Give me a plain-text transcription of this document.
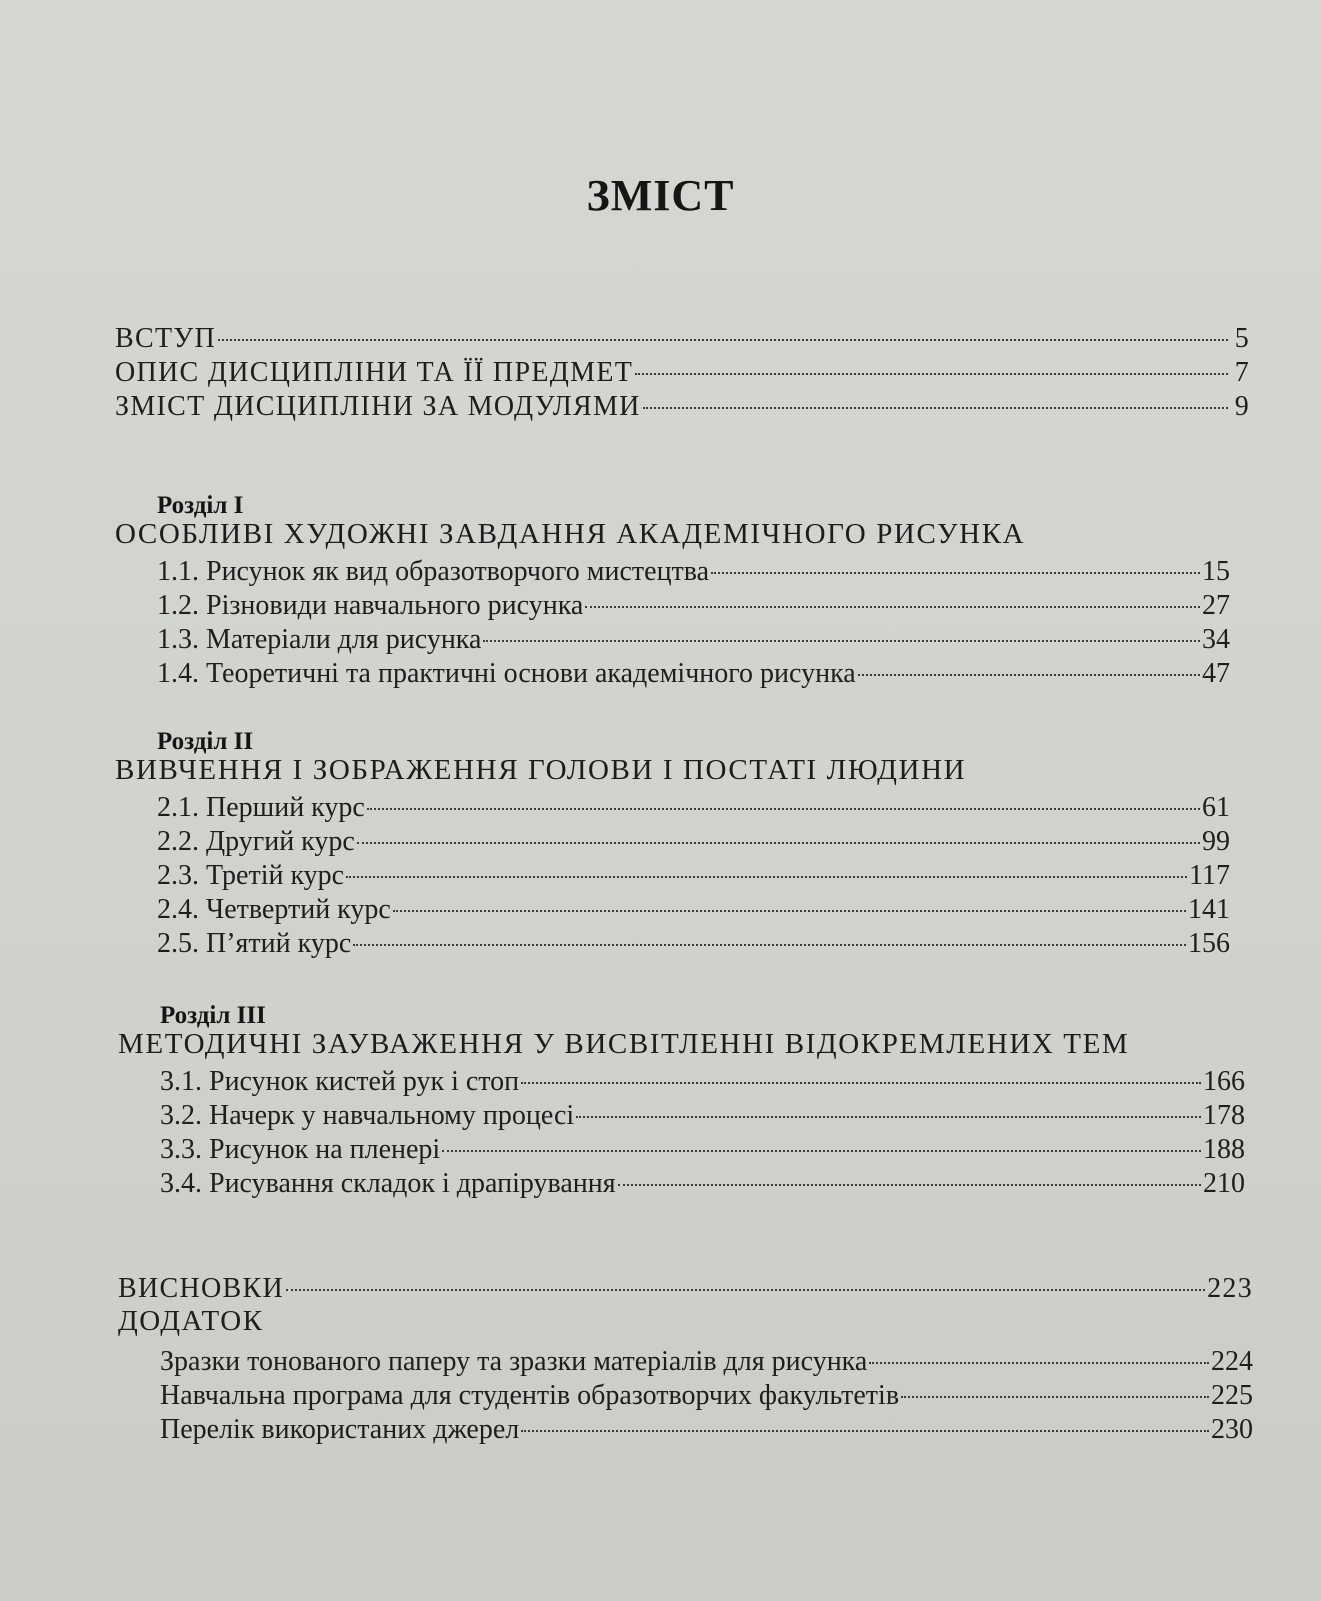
ЗМІСТ
ВСТУП	5
ОПИС ДИСЦИПЛІНИ ТА ЇЇ ПРЕДМЕТ	7
ЗМІСТ ДИСЦИПЛІНИ ЗА МОДУЛЯМИ	9
Розділ І
ОСОБЛИВІ ХУДОЖНІ ЗАВДАННЯ АКАДЕМІЧНОГО РИСУНКА
1.1. Рисунок як вид образотворчого мистецтва	15
1.2. Різновиди навчального рисунка	27
1.3. Матеріали для рисунка	34
1.4. Теоретичні та практичні основи академічного рисунка	47
Розділ ІІ
ВИВЧЕННЯ І ЗОБРАЖЕННЯ ГОЛОВИ І ПОСТАТІ ЛЮДИНИ
2.1. Перший курс	61
2.2. Другий курс	99
2.3. Третій курс	117
2.4. Четвертий курс	141
2.5. П’ятий курс	156
Розділ ІІІ
МЕТОДИЧНІ ЗАУВАЖЕННЯ У ВИСВІТЛЕННІ ВІДОКРЕМЛЕНИХ ТЕМ
3.1. Рисунок кистей рук і стоп	166
3.2. Начерк у навчальному процесі	178
3.3. Рисунок на пленері	188
3.4. Рисування складок і драпірування	210
ВИСНОВКИ	223
ДОДАТОК
Зразки тонованого паперу та зразки матеріалів для рисунка	224
Навчальна програма для студентів образотворчих факультетів	225
Перелік використаних джерел	230
